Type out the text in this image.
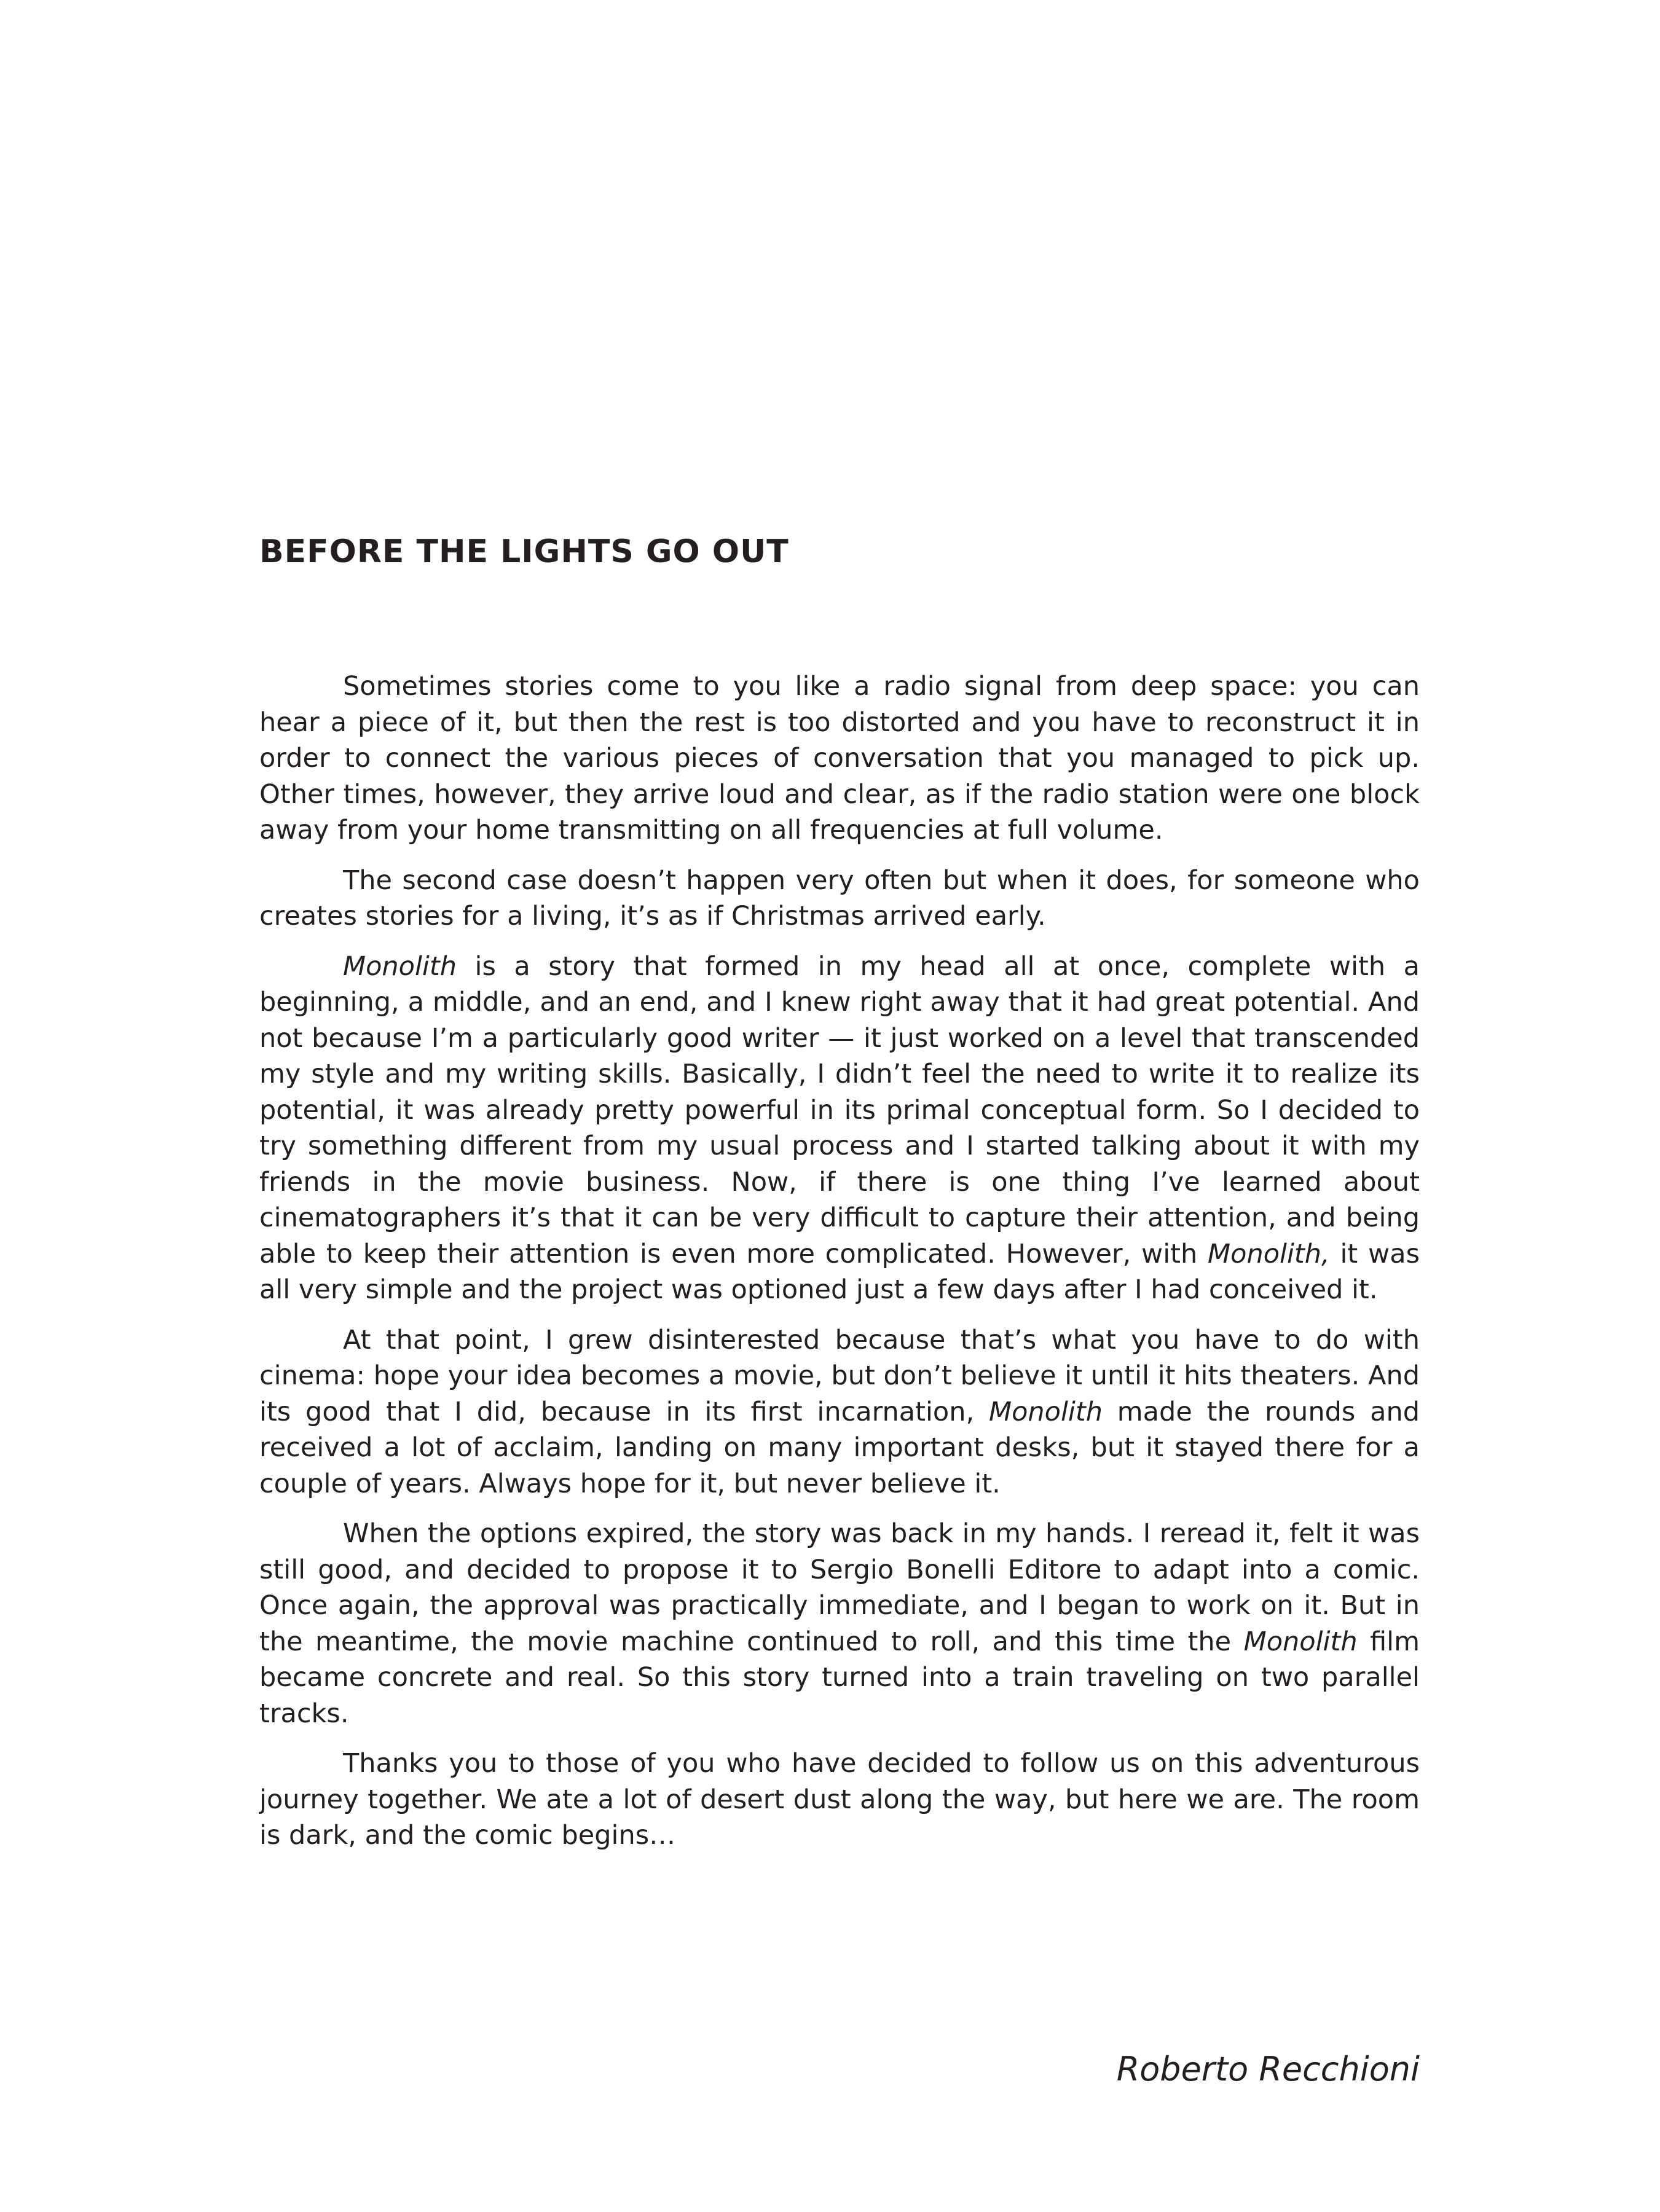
BEFORE THE LIGHTS GO OUT

Sometimes stories come to you like a radio signal from deep space: you can hear a piece of it, but then the rest is too distorted and you have to reconstruct it in order to connect the various pieces of conversation that you managed to pick up. Other times, however, they arrive loud and clear, as if the radio station were one block away from your home transmitting on all frequencies at full volume.

The second case doesn’t happen very often but when it does, for someone who creates stories for a living, it’s as if Christmas arrived early.

Monolith is a story that formed in my head all at once, complete with a beginning, a middle, and an end, and I knew right away that it had great potential. And not because I’m a particularly good writer — it just worked on a level that transcended my style and my writing skills. Basically, I didn’t feel the need to write it to realize its potential, it was already pretty powerful in its primal conceptual form. So I decided to try something different from my usual process and I started talking about it with my friends in the movie business. Now, if there is one thing I’ve learned about cinematographers it’s that it can be very difficult to capture their attention, and being able to keep their attention is even more complicated. However, with Monolith, it was all very simple and the project was optioned just a few days after I had conceived it.

At that point, I grew disinterested because that’s what you have to do with cinema: hope your idea becomes a movie, but don’t believe it until it hits theaters. And its good that I did, because in its first incarnation, Monolith made the rounds and received a lot of acclaim, landing on many important desks, but it stayed there for a couple of years. Always hope for it, but never believe it.

When the options expired, the story was back in my hands. I reread it, felt it was still good, and decided to propose it to Sergio Bonelli Editore to adapt into a comic. Once again, the approval was practically immediate, and I began to work on it. But in the meantime, the movie machine continued to roll, and this time the Monolith film became concrete and real. So this story turned into a train traveling on two parallel tracks.

Thanks you to those of you who have decided to follow us on this adventurous journey together. We ate a lot of desert dust along the way, but here we are. The room is dark, and the comic begins…

Roberto Recchioni
